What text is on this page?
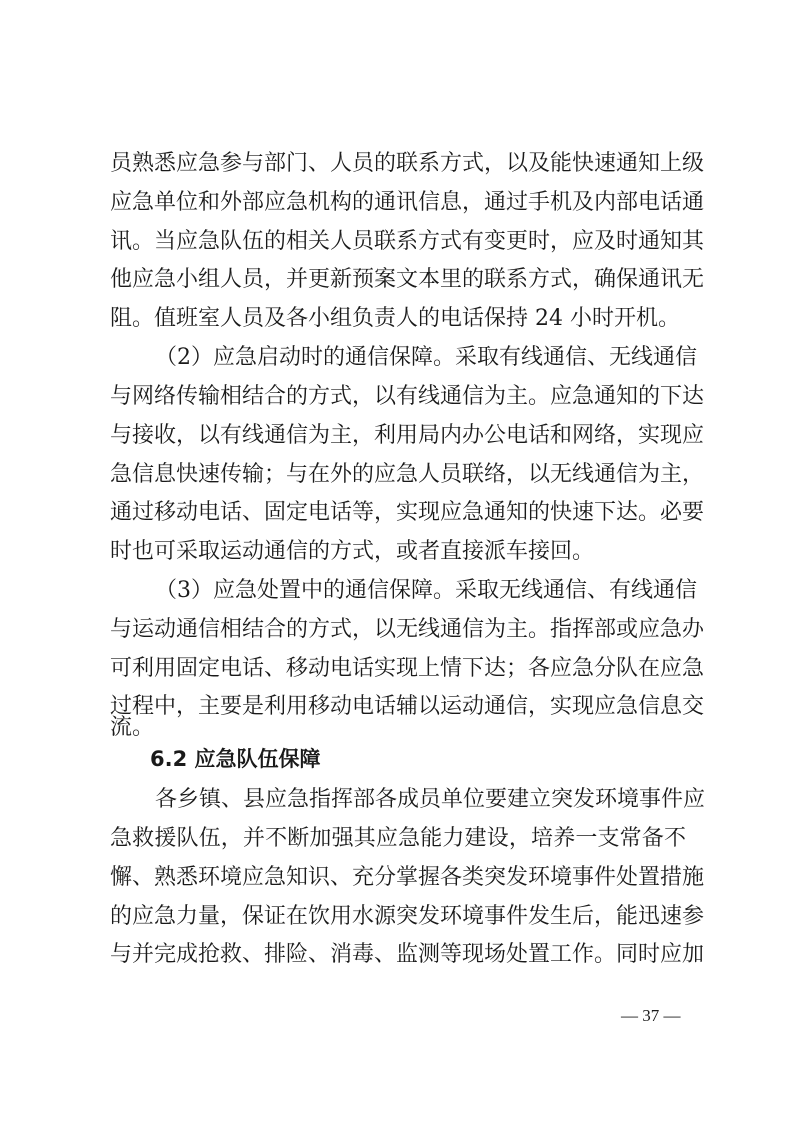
员熟悉应急参与部门、人员的联系方式，以及能快速通知上级
应急单位和外部应急机构的通讯信息，通过手机及内部电话通
讯。当应急队伍的相关人员联系方式有变更时，应及时通知其
他应急小组人员，并更新预案文本里的联系方式，确保通讯无
阻。值班室人员及各小组负责人的电话保持 24 小时开机。
（2）应急启动时的通信保障。采取有线通信、无线通信
与网络传输相结合的方式，以有线通信为主。应急通知的下达
与接收，以有线通信为主，利用局内办公电话和网络，实现应
急信息快速传输；与在外的应急人员联络，以无线通信为主，
通过移动电话、固定电话等，实现应急通知的快速下达。必要
时也可采取运动通信的方式，或者直接派车接回。
（3）应急处置中的通信保障。采取无线通信、有线通信
与运动通信相结合的方式，以无线通信为主。指挥部或应急办
可利用固定电话、移动电话实现上情下达；各应急分队在应急
过程中，主要是利用移动电话辅以运动通信，实现应急信息交
流。
6.2 应急队伍保障
各乡镇、县应急指挥部各成员单位要建立突发环境事件应
急救援队伍，并不断加强其应急能力建设，培养一支常备不
懈、熟悉环境应急知识、充分掌握各类突发环境事件处置措施
的应急力量，保证在饮用水源突发环境事件发生后，能迅速参
与并完成抢救、排险、消毒、监测等现场处置工作。同时应加
— 37 —
